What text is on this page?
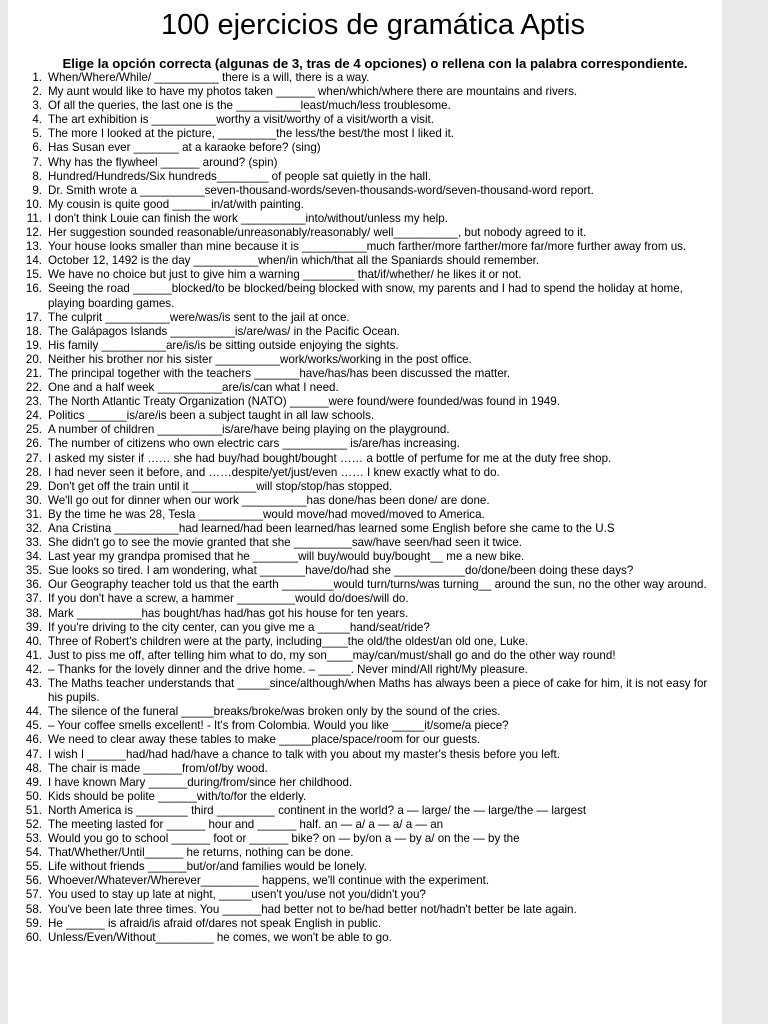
100 ejercicios de gramática Aptis
Elige la opción correcta (algunas de 3, tras de 4 opciones) o rellena con la palabra correspondiente.
1. When/Where/While/ __________ there is a will, there is a way.
2. My aunt would like to have my photos taken ______ when/which/where there are mountains and rivers.
3. Of all the queries, the last one is the __________least/much/less troublesome.
4. The art exhibition is __________worthy a visit/worthy of a visit/worth a visit.
5. The more I looked at the picture, _________the less/the best/the most I liked it.
6. Has Susan ever _______ at a karaoke before? (sing)
7. Why has the flywheel ______ around? (spin)
8. Hundred/Hundreds/Six hundreds________ of people sat quietly in the hall.
9. Dr. Smith wrote a __________seven-thousand-words/seven-thousands-word/seven-thousand-word report.
10. My cousin is quite good ______in/at/with painting.
11. I don't think Louie can finish the work __________into/without/unless my help.
12. Her suggestion sounded reasonable/unreasonably/reasonably/ well__________, but nobody agreed to it.
13. Your house looks smaller than mine because it is __________much farther/more farther/more far/more further away from us.
14. October 12, 1492 is the day __________when/in which/that all the Spaniards should remember.
15. We have no choice but just to give him a warning ________ that/if/whether/ he likes it or not.
16. Seeing the road ______blocked/to be blocked/being blocked with snow, my parents and I had to spend the holiday at home, playing boarding games.
17. The culprit __________were/was/is sent to the jail at once.
18. The Galápagos Islands __________is/are/was/ in the Pacific Ocean.
19. His family __________are/is/is be sitting outside enjoying the sights.
20. Neither his brother nor his sister __________work/works/working in the post office.
21. The principal together with the teachers _______have/has/has been discussed the matter.
22. One and a half week __________are/is/can what I need.
23. The North Atlantic Treaty Organization (NATO) ______were found/were founded/was found in 1949.
24. Politics ______is/are/is been a subject taught in all law schools.
25. A number of children __________is/are/have being playing on the playground.
26. The number of citizens who own electric cars __________ is/are/has increasing.
27. I asked my sister if …… she had buy/had bought/bought …… a bottle of perfume for me at the duty free shop.
28. I had never seen it before, and ……despite/yet/just/even …… I knew exactly what to do.
29. Don't get off the train until it __________will stop/stop/has stopped.
30. We'll go out for dinner when our work __________has done/has been done/ are done.
31. By the time he was 28, Tesla __________would move/had moved/moved to America.
32. Ana Cristina __________had learned/had been learned/has learned some English before she came to the U.S
33. She didn't go to see the movie granted that she _________saw/have seen/had seen it twice.
34. Last year my grandpa promised that he _______will buy/would buy/bought__ me a new bike.
35. Sue looks so tired. I am wondering, what _______have/do/had she ___________do/done/been doing these days?
36. Our Geography teacher told us that the earth ________would turn/turns/was turning__ around the sun, no the other way around.
37. If you don't have a screw, a hammer _________would do/does/will do.
38. Mark __________has bought/has had/has got his house for ten years.
39. If you're driving to the city center, can you give me a _____hand/seat/ride?
40. Three of Robert's children were at the party, including____the old/the oldest/an old one, Luke.
41. Just to piss me off, after telling him what to do, my son____may/can/must/shall go and do the other way round!
42. – Thanks for the lovely dinner and the drive home. – _____. Never mind/All right/My pleasure.
43. The Maths teacher understands that _____since/although/when Maths has always been a piece of cake for him, it is not easy for his pupils.
44. The silence of the funeral _____breaks/broke/was broken only by the sound of the cries.
45. – Your coffee smells excellent! - It's from Colombia. Would you like _____it/some/a piece?
46. We need to clear away these tables to make _____place/space/room for our guests.
47. I wish I ______had/had had/have a chance to talk with you about my master's thesis before you left.
48. The chair is made ______from/of/by wood.
49. I have known Mary ______during/from/since her childhood.
50. Kids should be polite ______with/to/for the elderly.
51. North America is ________ third _________ continent in the world? a — large/ the — large/the — largest
52. The meeting lasted for ______ hour and ______ half. an — a/ a — a/ a — an
53. Would you go to school ______ foot or ______ bike? on — by/on a — by a/ on the — by the
54. That/Whether/Until______ he returns, nothing can be done.
55. Life without friends ______but/or/and families would be lonely.
56. Whoever/Whatever/Wherever_________ happens, we'll continue with the experiment.
57. You used to stay up late at night, _____usen't you/use not you/didn't you?
58. You've been late three times. You ______had better not to be/had better not/hadn't better be late again.
59. He ______ is afraid/is afraid of/dares not speak English in public.
60. Unless/Even/Without_________ he comes, we won't be able to go.
